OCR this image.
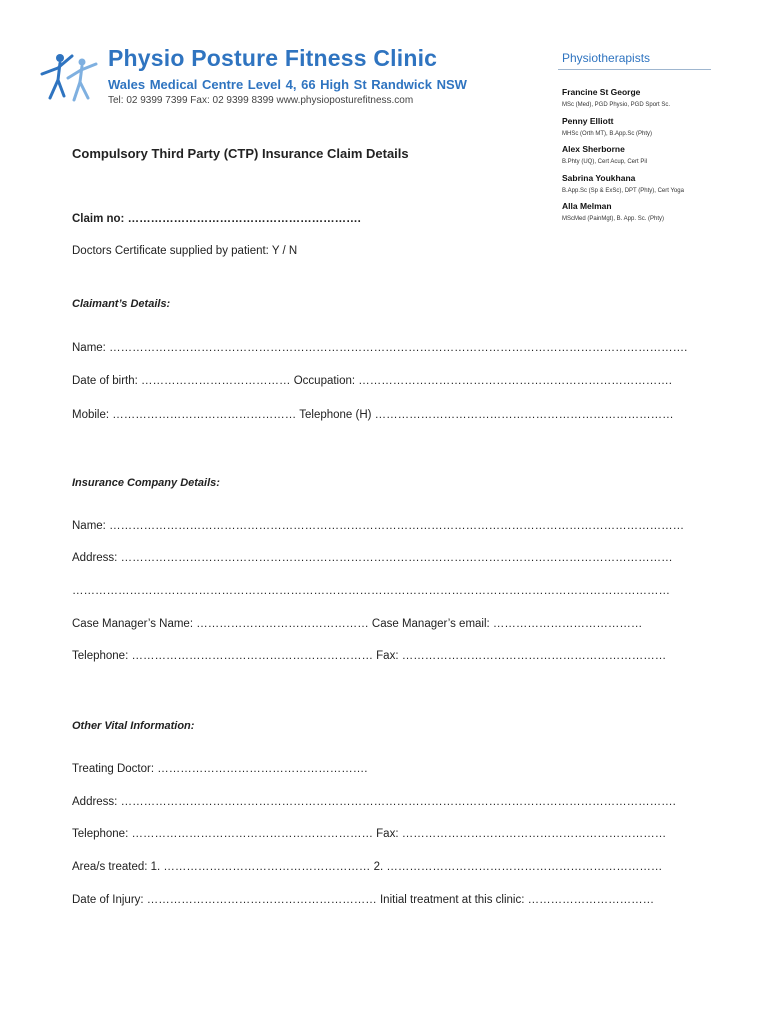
Physio Posture Fitness Clinic
Wales Medical Centre Level 4, 66 High St Randwick NSW
Tel: 02 9399 7399 Fax: 02 9399 8399 www.physioposturefitness.com
Physiotherapists
Francine St George
MSc (Med), PGD Physio, PGD Sport Sc.
Penny Elliott
MHSc (Orth MT), B.App.Sc (Phty)
Alex Sherborne
B.Phty (UQ), Cert Acup, Cert Pil
Sabrina Youkhana
B.App.Sc (Sp & ExSc), DPT (Phty), Cert Yoga
Alla Melman
MScMed (PainMgt), B. App. Sc. (Phty)
Compulsory Third Party (CTP) Insurance Claim Details
Claim no: …………………………………………………….
Doctors Certificate supplied by patient: Y / N
Claimant’s Details:
Name: …………………………………………………………………………………………………………………………………….
Date of birth: ………………………………… Occupation: ……………………………………………………………………….
Mobile: ………………………………………… Telephone (H) ……………………………………………………………………
Insurance Company Details:
Name: ……………………………………………………………………………………………………………………………………
Address: ………………………………………………………………………………………………………………………………
…………………………………………………………………………………………………………………………………………
Case Manager’s Name: ……………………………………… Case Manager’s email: …………………………………
Telephone: ……………………………………………………… Fax: ……………………………………………………………
Other Vital Information:
Treating Doctor: ……………………………………………….
Address: ……………………………………………………………………………………………………………………………….
Telephone: ……………………………………………………… Fax: ……………………………………………………………
Area/s treated: 1. ……………………………………………… 2. ………………………………………………………………
Date of Injury: …………………………………………………… Initial treatment at this clinic: ……………………………
